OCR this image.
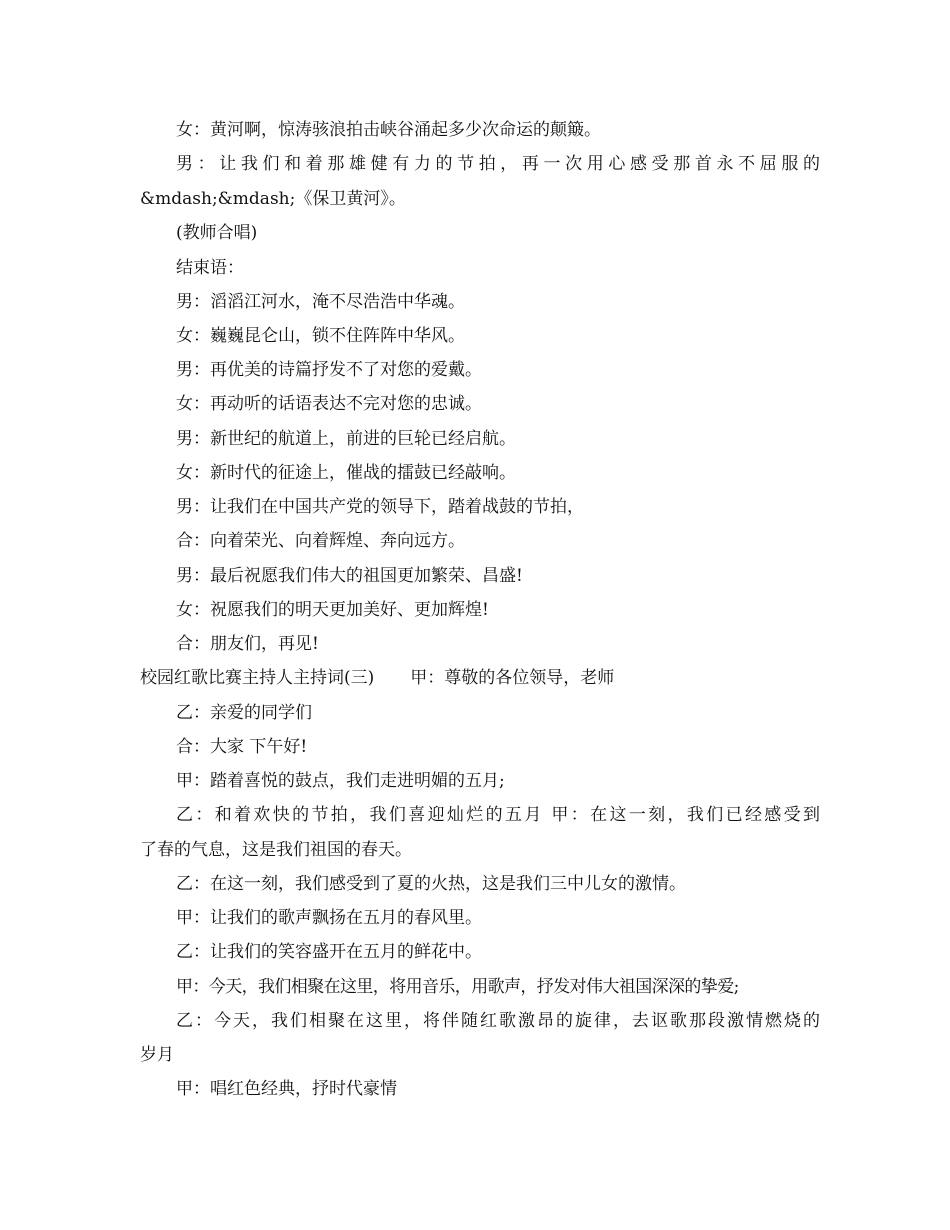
女：黄河啊，惊涛骇浪拍击峡谷涌起多少次命运的颠簸。
男：让我们和着那雄健有力的节拍，再一次用心感受那首永不屈服的
&mdash;&mdash;《保卫黄河》。
(教师合唱)
结束语：
男：滔滔江河水，淹不尽浩浩中华魂。
女：巍巍昆仑山，锁不住阵阵中华风。
男：再优美的诗篇抒发不了对您的爱戴。
女：再动听的话语表达不完对您的忠诚。
男：新世纪的航道上，前进的巨轮已经启航。
女：新时代的征途上，催战的擂鼓已经敲响。
男：让我们在中国共产党的领导下，踏着战鼓的节拍，
合：向着荣光、向着辉煌、奔向远方。
男：最后祝愿我们伟大的祖国更加繁荣、昌盛!
女：祝愿我们的明天更加美好、更加辉煌!
合：朋友们，再见!
校园红歌比赛主持人主持词(三) 甲：尊敬的各位领导，老师
乙：亲爱的同学们
合：大家 下午好!
甲：踏着喜悦的鼓点，我们走进明媚的五月;
乙：和着欢快的节拍，我们喜迎灿烂的五月 甲：在这一刻，我们已经感受到
了春的气息，这是我们祖国的春天。
乙：在这一刻，我们感受到了夏的火热，这是我们三中儿女的激情。
甲：让我们的歌声飘扬在五月的春风里。
乙：让我们的笑容盛开在五月的鲜花中。
甲：今天，我们相聚在这里，将用音乐，用歌声，抒发对伟大祖国深深的挚爱;
乙：今天，我们相聚在这里，将伴随红歌激昂的旋律，去讴歌那段激情燃烧的
岁月
甲：唱红色经典，抒时代豪情
